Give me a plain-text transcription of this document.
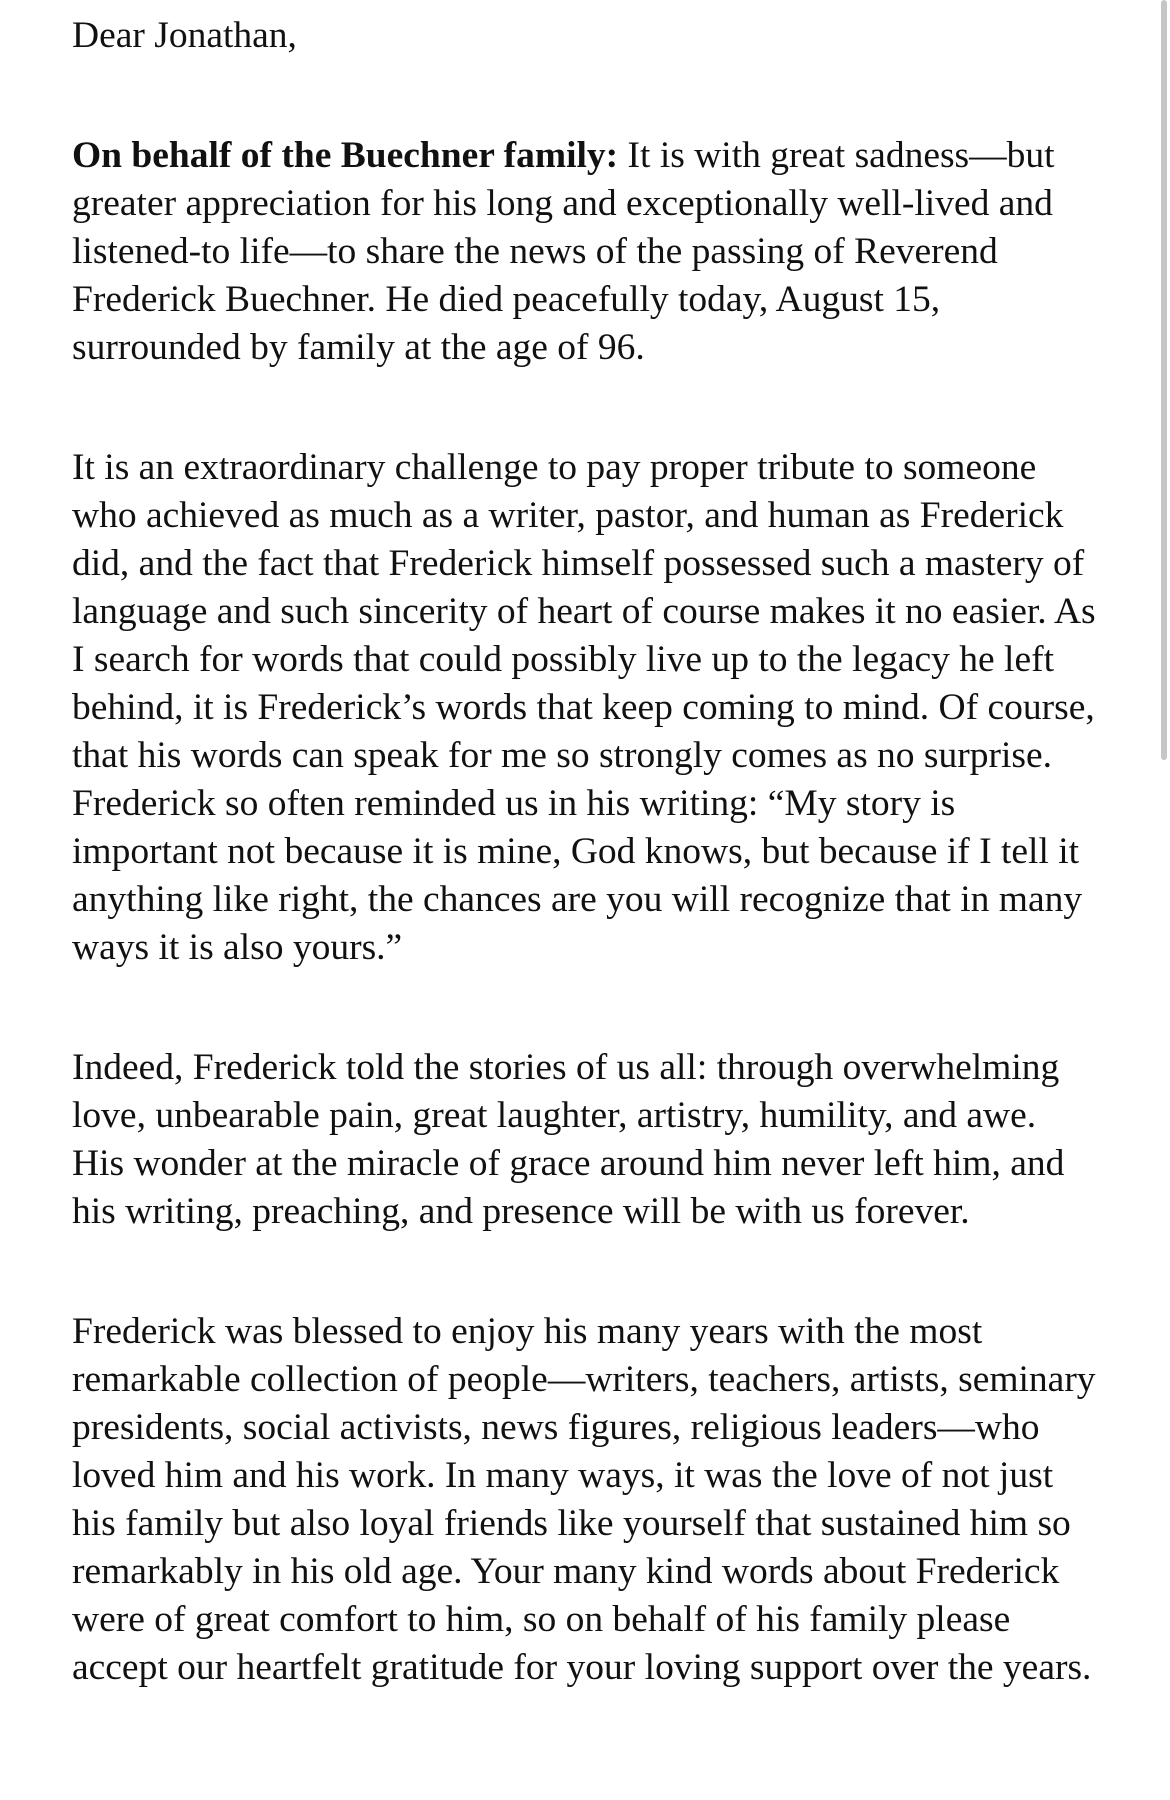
Dear Jonathan,

On behalf of the Buechner family: It is with great sadness—but greater appreciation for his long and exceptionally well-lived and listened-to life—to share the news of the passing of Reverend Frederick Buechner. He died peacefully today, August 15, surrounded by family at the age of 96.

It is an extraordinary challenge to pay proper tribute to someone who achieved as much as a writer, pastor, and human as Frederick did, and the fact that Frederick himself possessed such a mastery of language and such sincerity of heart of course makes it no easier. As I search for words that could possibly live up to the legacy he left behind, it is Frederick’s words that keep coming to mind. Of course, that his words can speak for me so strongly comes as no surprise. Frederick so often reminded us in his writing: “My story is important not because it is mine, God knows, but because if I tell it anything like right, the chances are you will recognize that in many ways it is also yours.”

Indeed, Frederick told the stories of us all: through overwhelming love, unbearable pain, great laughter, artistry, humility, and awe. His wonder at the miracle of grace around him never left him, and his writing, preaching, and presence will be with us forever.

Frederick was blessed to enjoy his many years with the most remarkable collection of people—writers, teachers, artists, seminary presidents, social activists, news figures, religious leaders—who loved him and his work. In many ways, it was the love of not just his family but also loyal friends like yourself that sustained him so remarkably in his old age. Your many kind words about Frederick were of great comfort to him, so on behalf of his family please accept our heartfelt gratitude for your loving support over the years.
